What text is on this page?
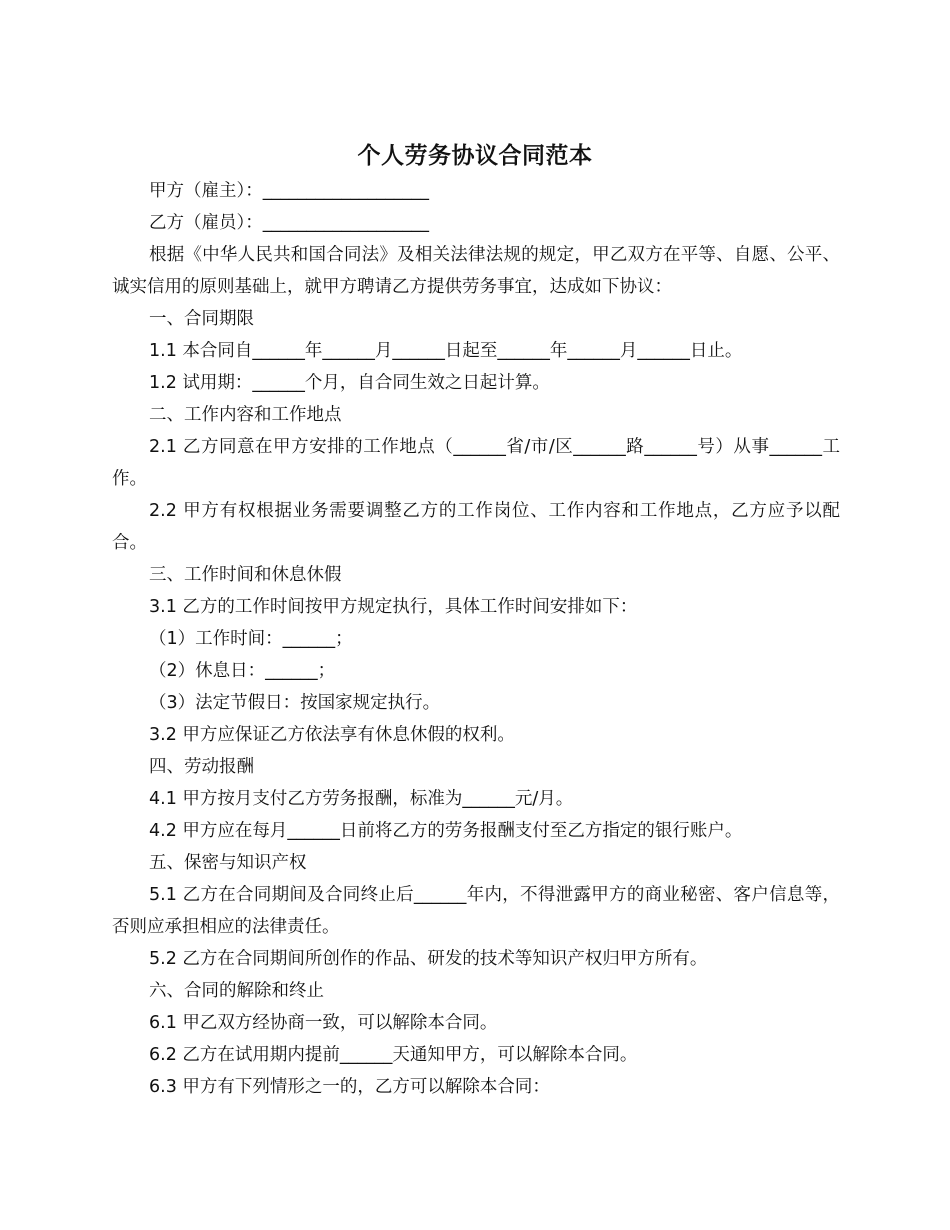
个人劳务协议合同范本

甲方（雇主）：___________________

乙方（雇员）：___________________

根据《中华人民共和国合同法》及相关法律法规的规定，甲乙双方在平等、自愿、公平、诚实信用的原则基础上，就甲方聘请乙方提供劳务事宜，达成如下协议：

一、合同期限

1.1 本合同自______年______月______日起至______年______月______日止。

1.2 试用期：______个月，自合同生效之日起计算。

二、工作内容和工作地点

2.1 乙方同意在甲方安排的工作地点（______省/市/区______路______号）从事______工作。

2.2 甲方有权根据业务需要调整乙方的工作岗位、工作内容和工作地点，乙方应予以配合。

三、工作时间和休息休假

3.1 乙方的工作时间按甲方规定执行，具体工作时间安排如下：

（1）工作时间：______；

（2）休息日：______；

（3）法定节假日：按国家规定执行。

3.2 甲方应保证乙方依法享有休息休假的权利。

四、劳动报酬

4.1 甲方按月支付乙方劳务报酬，标准为______元/月。

4.2 甲方应在每月______日前将乙方的劳务报酬支付至乙方指定的银行账户。

五、保密与知识产权

5.1 乙方在合同期间及合同终止后______年内，不得泄露甲方的商业秘密、客户信息等，否则应承担相应的法律责任。

5.2 乙方在合同期间所创作的作品、研发的技术等知识产权归甲方所有。

六、合同的解除和终止

6.1 甲乙双方经协商一致，可以解除本合同。

6.2 乙方在试用期内提前______天通知甲方，可以解除本合同。

6.3 甲方有下列情形之一的，乙方可以解除本合同：
